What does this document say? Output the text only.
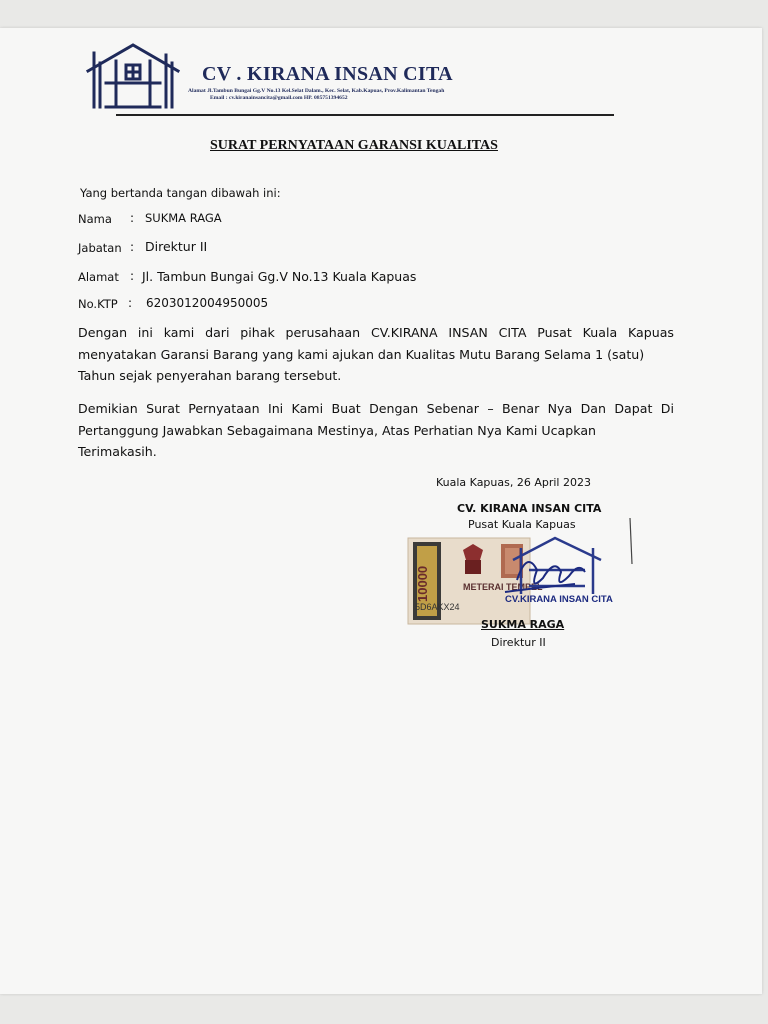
CV . KIRANA INSAN CITA
Alamat Jl.Tambun Bungai Gg.V No.13 Kel.Selat Dalam., Kec. Selat, Kab.Kapuas, Prov.Kalimantan Tengah
Email : cv.kiranainsancita@gmail.com HP. 085751394652
SURAT PERNYATAAN GARANSI KUALITAS
Yang bertanda tangan dibawah ini:
Nama : SUKMA RAGA
Jabatan : Direktur II
Alamat : Jl. Tambun Bungai Gg.V No.13 Kuala Kapuas
No.KTP : 6203012004950005
Dengan ini kami dari pihak perusahaan CV.KIRANA INSAN CITA Pusat Kuala Kapuas menyatakan Garansi Barang yang kami ajukan dan Kualitas Mutu Barang Selama 1 (satu)
Tahun sejak penyerahan barang tersebut.
Demikian Surat Pernyataan Ini Kami Buat Dengan Sebenar – Benar Nya Dan Dapat Di Pertanggung Jawabkan Sebagaimana Mestinya, Atas Perhatian Nya Kami Ucapkan
Terimakasih.
Kuala Kapuas, 26 April 2023
CV. KIRANA INSAN CITA
Pusat Kuala Kapuas
10000	METERAI TEMPEL
5D6AKX24
CV.KIRANA INSAN CITA
SUKMA RAGA
Direktur II
